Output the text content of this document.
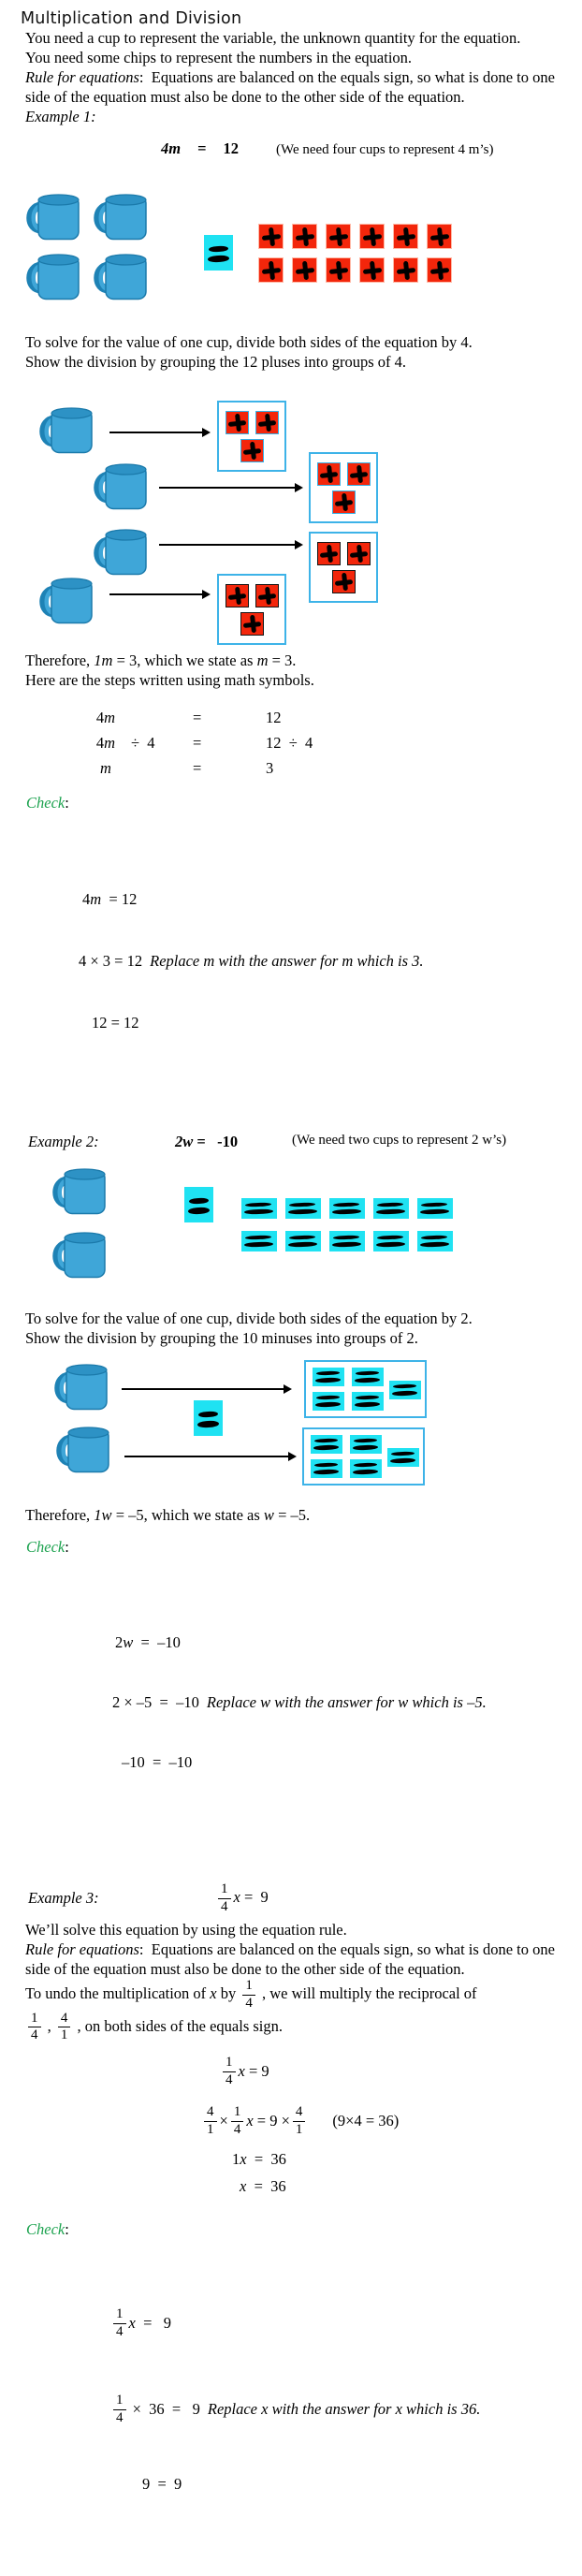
Multiplication and Division

You need a cup to represent the variable, the unknown quantity for the equation.
You need some chips to represent the numbers in the equation.

Rule for equations:  Equations are balanced on the equals sign, so what is done to one side of the equation must also be done to the other side of the equation.

Example 1:

4m = 12	(We need four cups to represent 4 m’s)

To solve for the value of one cup, divide both sides of the equation by 4.
Show the division by grouping the 12 pluses into groups of 4.

Therefore, 1m = 3, which we state as m = 3.

Here are the steps written using math symbols.

4m	=	12
4m	÷  4	=	12  ÷  4
m	=	3

Check:

4m  = 12

4 × 3 = 12 Replace m with the answer for m which is 3.

12 = 12

Example 2:	2w = -10	(We need two cups to represent 2 w’s)

To solve for the value of one cup, divide both sides of the equation by 2.
Show the division by grouping the 10 minuses into groups of 2.

Therefore, 1w = –5, which we state as w = –5.

Check:

2w  =  –10

2 × –5  =  –10 Replace w with the answer for w which is –5.

–10  =  –10

Example 3:	$\frac{1}{4}$ x = 9

We’ll solve this equation by using the equation rule.

Rule for equations:  Equations are balanced on the equals sign, so what is done to one side of the equation must also be done to the other side of the equation.

To undo the multiplication of x by $\frac{1}{4}$ , we will multiply the reciprocal of

$\frac{1}{4}$ , $\frac{4}{1}$ , on both sides of the equals sign.

$\frac{1}{4}$ x = 9
$\frac{4}{1} \times \frac{1}{4}$ $x = 9 \times \frac{4}{1} (9\times 4 = 36)$
1 x =  36
x =  36

Check:

$\frac{1}{4}$ x =   9

$\frac{1}{4} \times 36 = 9$ Replace x with the answer for x which is 36.

9  =  9
